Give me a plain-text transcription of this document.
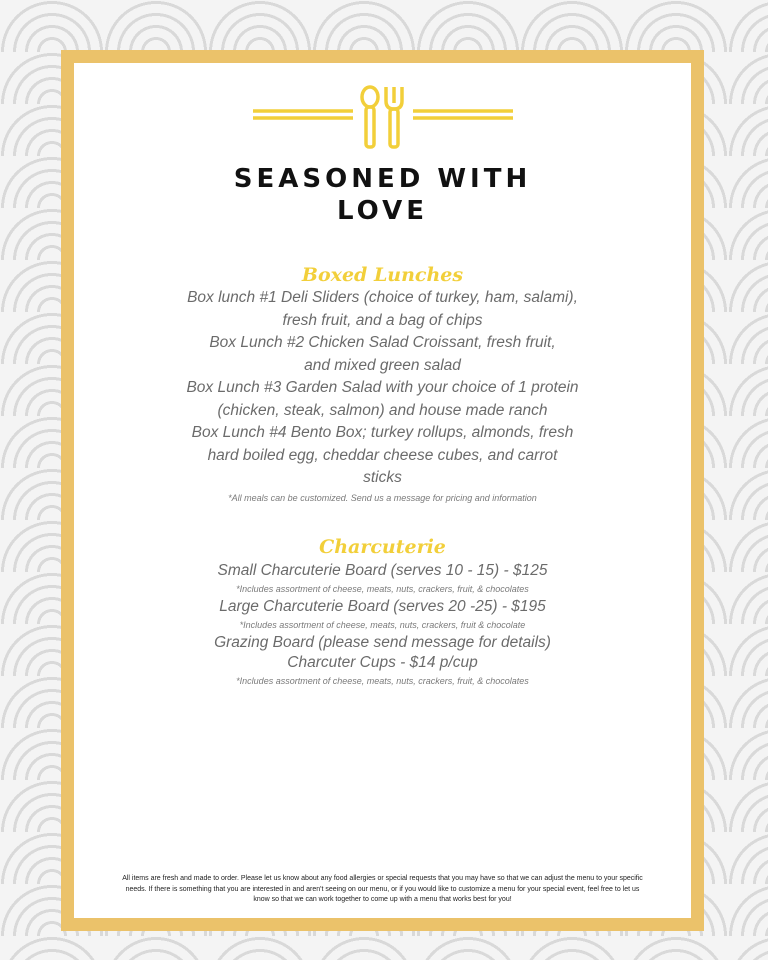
SEASONED WITH
LOVE
Boxed Lunches
Box lunch #1 Deli Sliders (choice of turkey, ham, salami),
fresh fruit, and a bag of chips
Box Lunch #2 Chicken Salad Croissant, fresh fruit,
and mixed green salad
Box Lunch #3 Garden Salad with your choice of 1 protein
(chicken, steak, salmon) and house made ranch
Box Lunch #4 Bento Box; turkey rollups, almonds, fresh
hard boiled egg, cheddar cheese cubes, and carrot
sticks
*All meals can be customized. Send us a message for pricing and information
Charcuterie
Small Charcuterie Board (serves 10 - 15) - $125
*Includes assortment of cheese, meats, nuts, crackers, fruit, & chocolates
Large Charcuterie Board (serves 20 -25) - $195
*Includes assortment of cheese, meats, nuts, crackers, fruit & chocolate
Grazing Board (please send message for details)
Charcuter Cups - $14 p/cup
*Includes assortment of cheese, meats, nuts, crackers, fruit, & chocolates
All items are fresh and made to order. Please let us know about any food allergies or special requests that you may have so that we can adjust the menu to your specific
needs. If there is something that you are interested in and aren't seeing on our menu, or if you would like to customize a menu for your special event, feel free to let us
know so that we can work together to come up with a menu that works best for you!
